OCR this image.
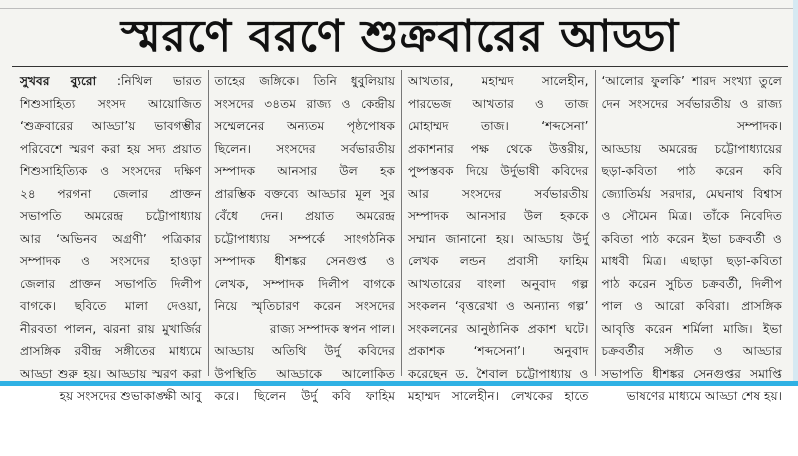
স্মরণে বরণে শুক্রবারের আড্ডা

সুখবর ব্যুরো :নিখিল ভারত

শিশুসাহিত্য সংসদ আয়োজিত

‘শুক্রবারের আড্ডা’য় ভাবগম্ভীর

পরিবেশে স্মরণ করা হয় সদ্য প্রয়াত

শিশুসাহিত্যিক ও সংসদের দক্ষিণ

২৪ পরগনা জেলার প্রাক্তন

সভাপতি অমরেন্দ্র চট্টোপাধ্যায়

আর ‘অভিনব অগ্রণী’ পত্রিকার

সম্পাদক ও সংসদের হাওড়া

জেলার প্রাক্তন সভাপতি দিলীপ

বাগকে। ছবিতে মালা দেওয়া,

নীরবতা পালন, ঝরনা রায় মুখার্জির

প্রাসঙ্গিক রবীন্দ্র সঙ্গীতের মাধ্যমে

আড্ডা শুরু হয়। আড্ডায় স্মরণ করা

হয় সংসদের শুভাকাঙ্ক্ষী আবু

তাহের জঙ্গিকে। তিনি ধুবুলিয়ায়

সংসদের ৩৪তম রাজ্য ও কেন্দ্রীয়

সম্মেলনের অন্যতম পৃষ্ঠপোষক

ছিলেন। সংসদের সর্বভারতীয়

সম্পাদক আনসার উল হক

প্রারম্ভিক বক্তব্যে আড্ডার মূল সুর

বেঁধে দেন। প্রয়াত অমরেন্দ্র

চট্টোপাধ্যায় সম্পর্কে সাংগঠনিক

সম্পাদক ধীশঙ্কর সেনগুপ্ত ও

লেখক, সম্পাদক দিলীপ বাগকে

নিয়ে স্মৃতিচারণ করেন সংসদের

রাজ্য সম্পাদক স্বপন পাল।

আড্ডায় অতিথি উর্দু কবিদের

উপস্থিতি আড্ডাকে আলোকিত

করে। ছিলেন উর্দু কবি ফাহিম

আখতার, মহাম্মদ সালেহীন,

পারভেজ আখতার ও তাজ

মোহাম্মদ তাজ। ‘শব্দসেনা’

প্রকাশনার পক্ষ থেকে উত্তরীয়,

পুষ্পস্তবক দিয়ে উর্দুভাষী কবিদের

আর সংসদের সর্বভারতীয়

সম্পাদক আনসার উল হককে

সম্মান জানানো হয়। আড্ডায় উর্দু

লেখক লন্ডন প্রবাসী ফাহিম

আখতারের বাংলা অনুবাদ গল্প

সংকলন ‘বৃত্তরেখা ও অন্যান্য গল্প’

সংকলনের আনুষ্ঠানিক প্রকাশ ঘটে।

প্রকাশক ‘শব্দসেনা’। অনুবাদ

করেছেন ড. শৈবাল চট্টোপাধ্যায় ও

মহাম্মদ সালেহীন। লেখকের হাতে

‘আলোর ফুলকি’ শারদ সংখ্যা তুলে

দেন সংসদের সর্বভারতীয় ও রাজ্য

সম্পাদক।

আড্ডায় অমরেন্দ্র চট্টোপাধ্যায়ের

ছড়া-কবিতা পাঠ করেন কবি

জ্যোতির্ময় সরদার, মেঘনাথ বিশ্বাস

ও সৌমেন মিত্র। তাঁকে নিবেদিত

কবিতা পাঠ করেন ইভা চক্রবর্তী ও

মাধবী মিত্র। এছাড়া ছড়া-কবিতা

পাঠ করেন সুচিত চক্রবর্তী, দিলীপ

পাল ও আরো কবিরা। প্রাসঙ্গিক

আবৃত্তি করেন শর্মিলা মাজি। ইভা

চক্রবর্তীর সঙ্গীত ও আড্ডার

সভাপতি ধীশঙ্কর সেনগুপ্তর সমাপ্তি

ভাষণের মাধ্যমে আড্ডা শেষ হয়।
